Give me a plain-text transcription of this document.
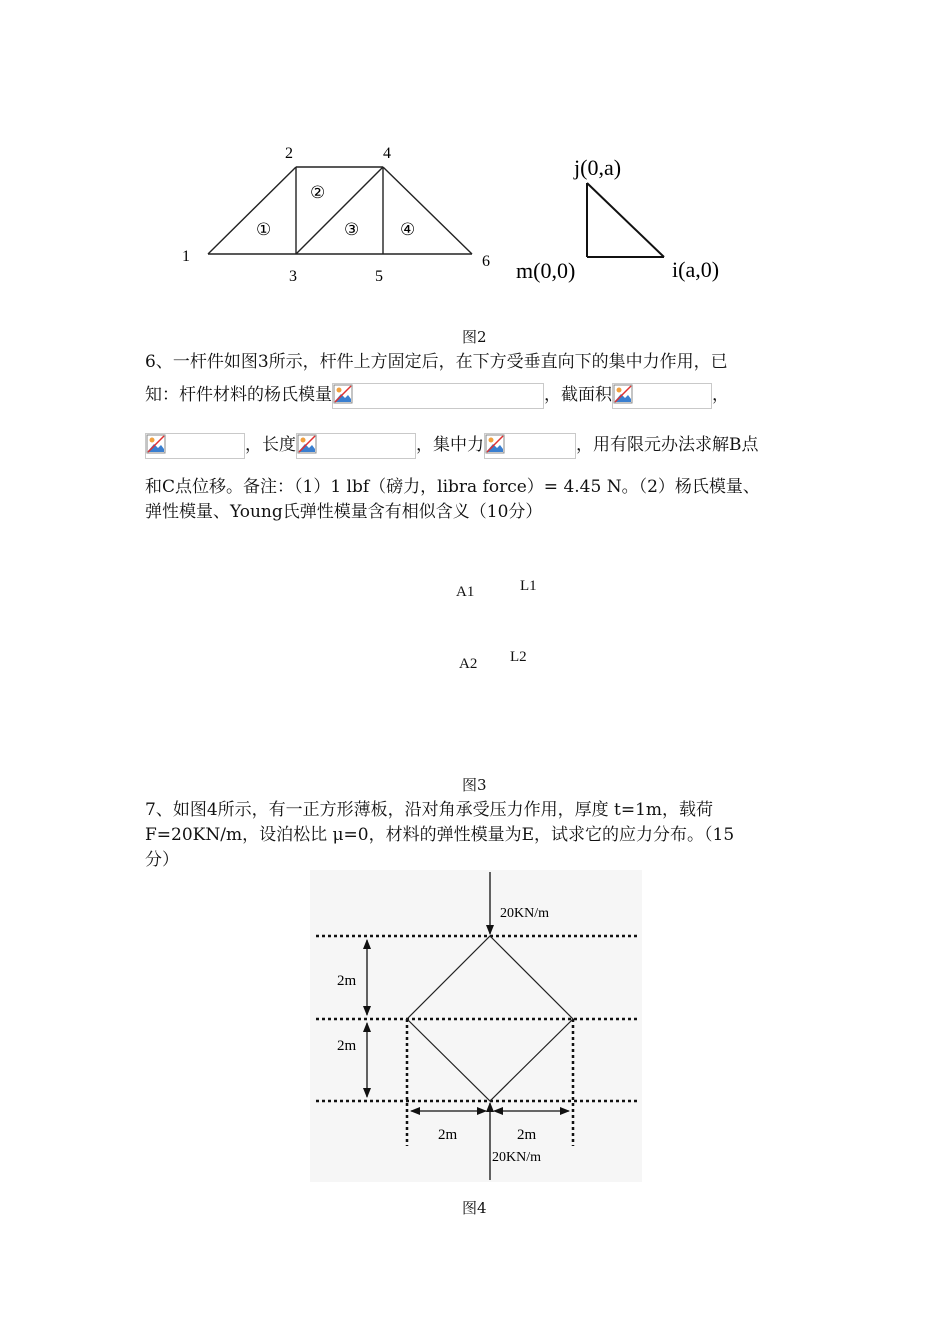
1
2
3
4
5
6
①
②
③ ④
j(0,a)
m(0,0)	i(a,0)
图2
6、一杆件如图3所示，杆件上方固定后，在下方受垂直向下的集中力作用，已
知：杆件材料的杨氏模量	，截面积	，
，长度	，集中力	，用有限元办法求解B点
和C点位移。备注：（1）1 lbf（磅力，libra force）= 4.45 N。（2）杨氏模量、
弹性模量、Young氏弹性模量含有相似含义（10分）
A1	L1
A2 L2
图3
7、如图4所示，有一正方形薄板，沿对角承受压力作用，厚度 t=1m，载荷
F=20KN/m，设泊松比 μ=0，材料的弹性模量为E，试求它的应力分布。（15
分）
20KN/m
20KN/m
2m
2m
2m	2m
图4
